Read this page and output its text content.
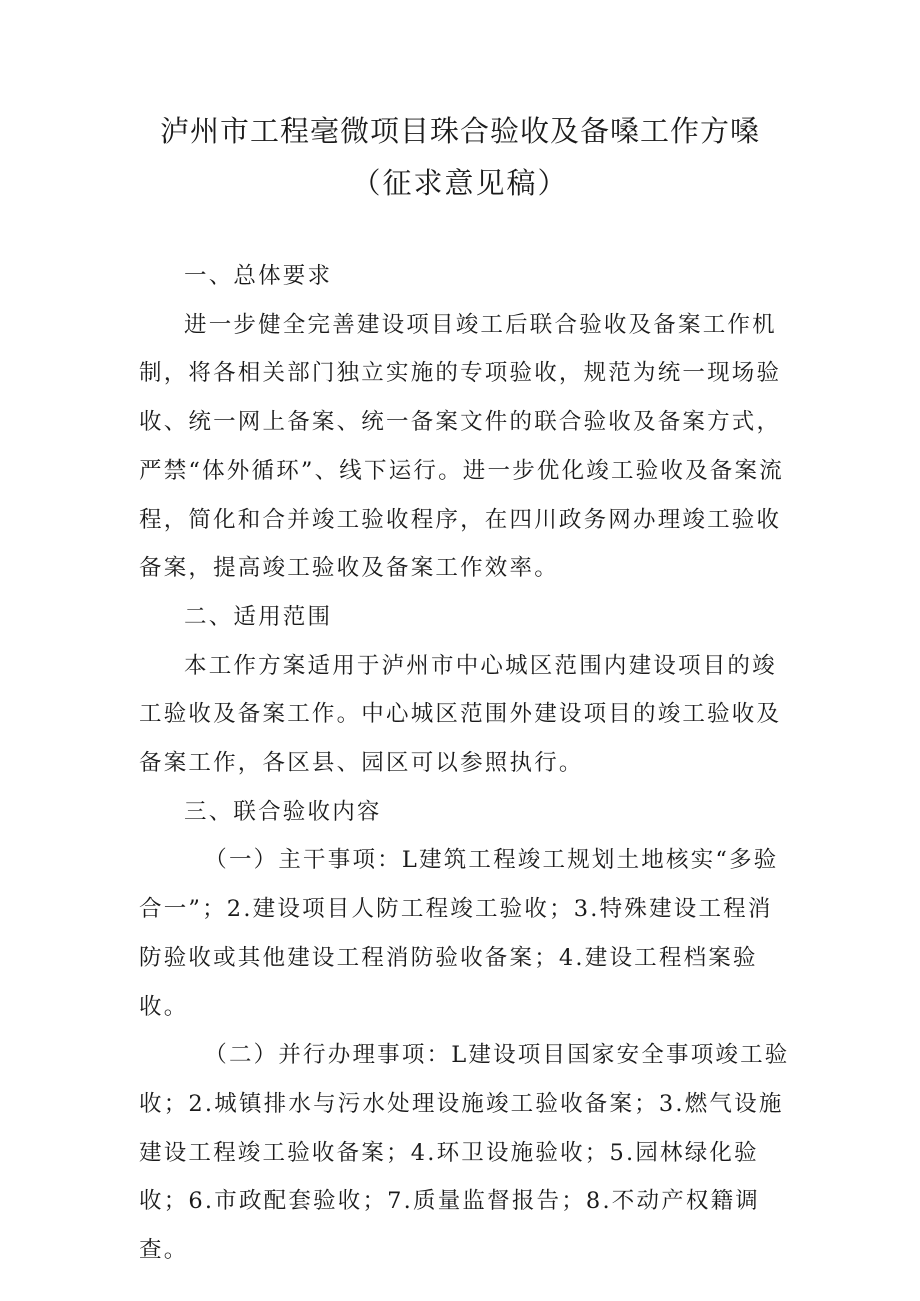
泸州市工程毫微项目珠合验收及备嗓工作方嗓
（征求意见稿）

一、总体要求

进一步健全完善建设项目竣工后联合验收及备案工作机制，将各相关部门独立实施的专项验收，规范为统一现场验收、统一网上备案、统一备案文件的联合验收及备案方式，严禁“体外循环”、线下运行。进一步优化竣工验收及备案流程，简化和合并竣工验收程序，在四川政务网办理竣工验收备案，提高竣工验收及备案工作效率。

二、适用范围

本工作方案适用于泸州市中心城区范围内建设项目的竣工验收及备案工作。中心城区范围外建设项目的竣工验收及备案工作，各区县、园区可以参照执行。

三、联合验收内容

（一）主干事项：L建筑工程竣工规划土地核实“多验合一”；2.建设项目人防工程竣工验收；3.特殊建设工程消防验收或其他建设工程消防验收备案；4.建设工程档案验收。

（二）并行办理事项：L建设项目国家安全事项竣工验收；2.城镇排水与污水处理设施竣工验收备案；3.燃气设施建设工程竣工验收备案；4.环卫设施验收；5.园林绿化验收；6.市政配套验收；7.质量监督报告；8.不动产权籍调查。
